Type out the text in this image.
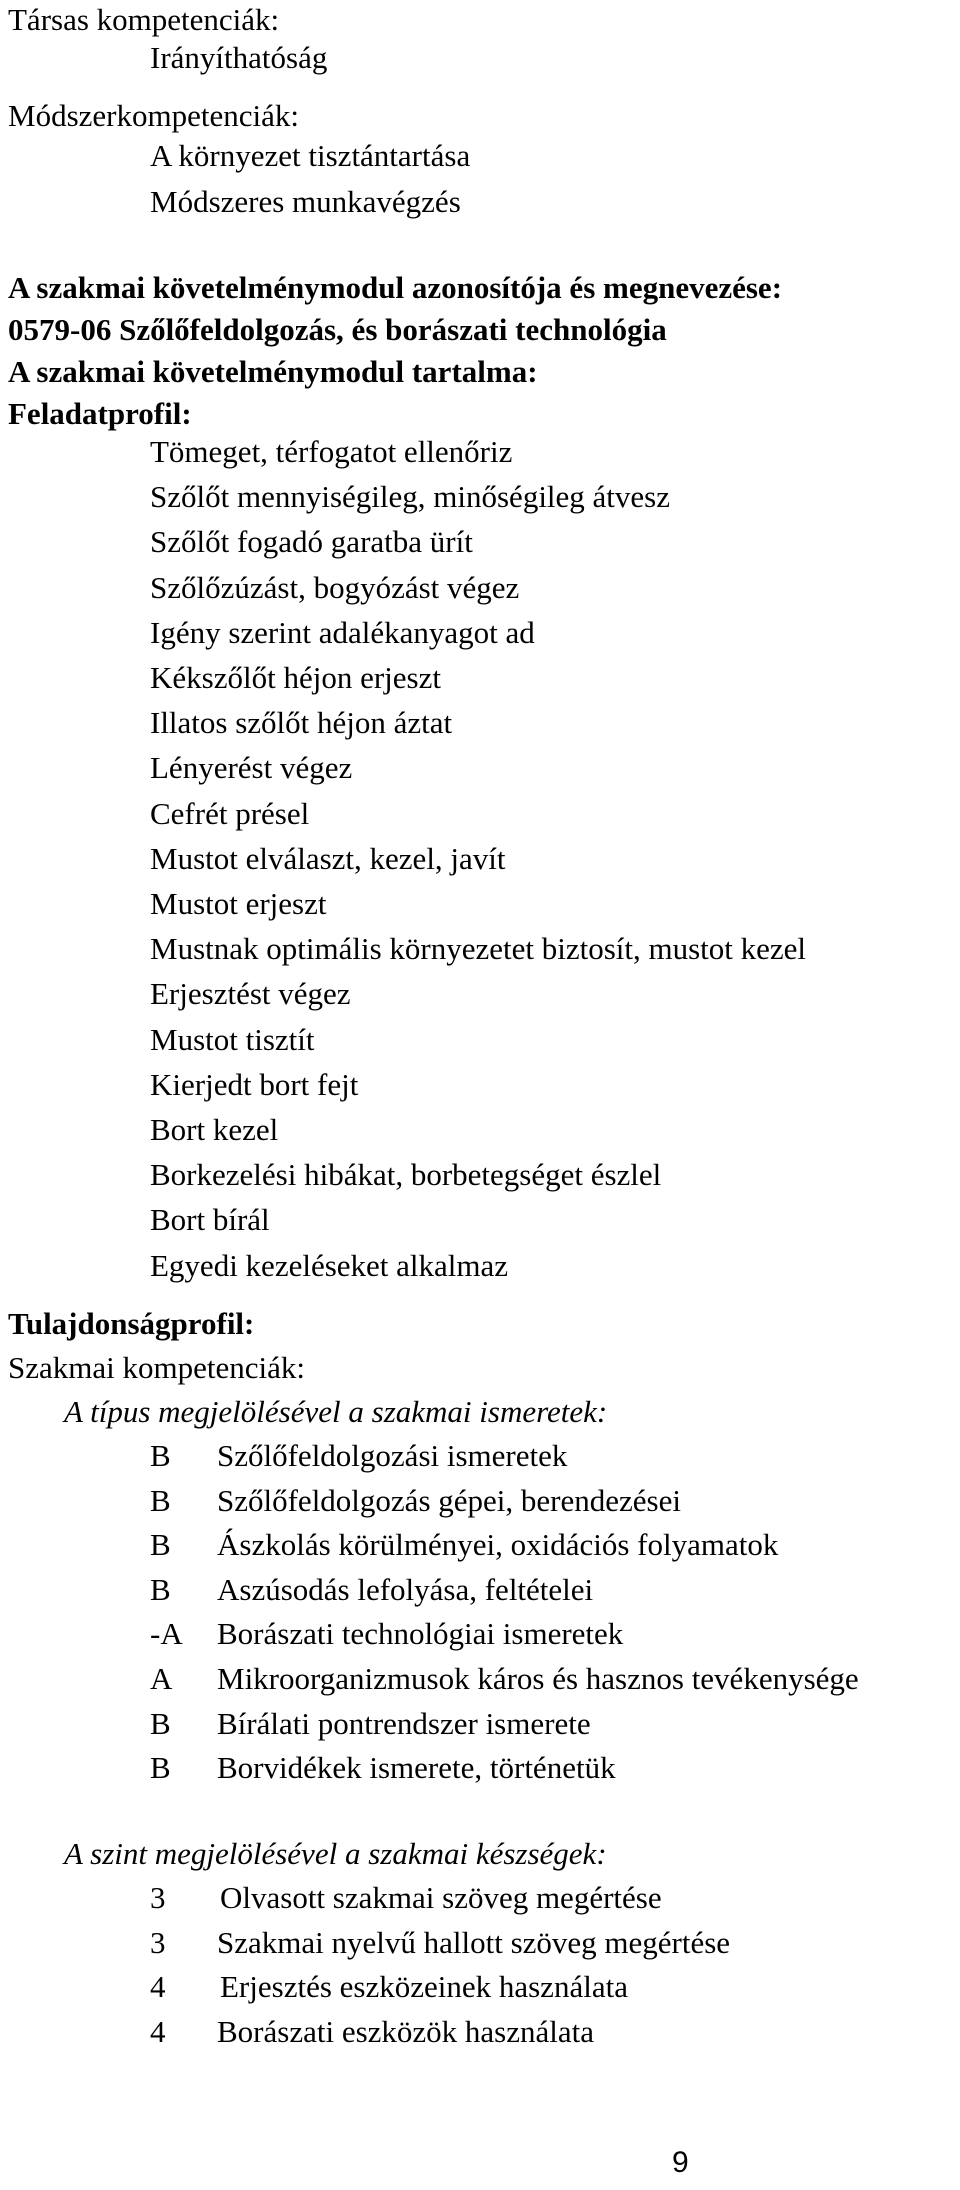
Társas kompetenciák:
Irányíthatóság
Módszerkompetenciák:
A környezet tisztántartása
Módszeres munkavégzés
A szakmai követelménymodul azonosítója és megnevezése:
0579-06 Szőlőfeldolgozás, és borászati technológia
A szakmai követelménymodul tartalma:
Feladatprofil:
Tömeget, térfogatot ellenőriz
Szőlőt mennyiségileg, minőségileg átvesz
Szőlőt fogadó garatba ürít
Szőlőzúzást, bogyózást végez
Igény szerint adalékanyagot ad
Kékszőlőt héjon erjeszt
Illatos szőlőt héjon áztat
Lényerést végez
Cefrét présel
Mustot elválaszt, kezel, javít
Mustot erjeszt
Mustnak optimális környezetet biztosít, mustot kezel
Erjesztést végez
Mustot tisztít
Kierjedt bort fejt
Bort kezel
Borkezelési hibákat, borbetegséget észlel
Bort bírál
Egyedi kezeléseket alkalmaz
Tulajdonságprofil:
Szakmai kompetenciák:
A típus megjelölésével a szakmai ismeretek:
B	Szőlőfeldolgozási ismeretek
B	Szőlőfeldolgozás gépei, berendezései
B	Ászkolás körülményei, oxidációs folyamatok
B	Aszúsodás lefolyása, feltételei
-A	Borászati technológiai ismeretek
A	Mikroorganizmusok káros és hasznos tevékenysége
B	Bírálati pontrendszer ismerete
B	Borvidékek ismerete, történetük
A szint megjelölésével a szakmai készségek:
3	Olvasott szakmai szöveg megértése
3	Szakmai nyelvű hallott szöveg megértése
4	Erjesztés eszközeinek használata
4	Borászati eszközök használata
9
